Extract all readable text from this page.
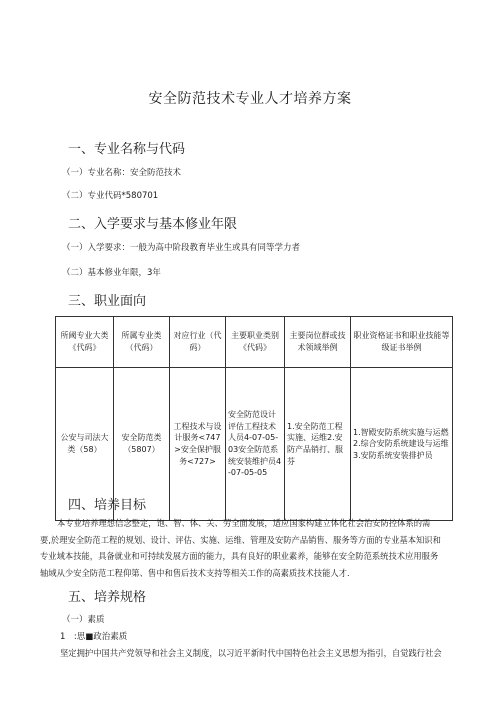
安全防范技术专业人才培养方案
一、专业名称与代码
（一）专业名称：安全防范技术
（二）专业代码*580701
二、入学要求与基本修业年限
（一）入学要求：一般为高中阶段教育毕业生或具有同等学力者
（二）基本修业年限，3年
三、职业面向
所阈专业大类《代码》	所属专业类（代码）	对应行业（代码）	主要职业类别《代码》	主要岗位群或技术领域举例	职业资格证书和职业技能等级证书举例
公安与司法大类（58）	安全防范类（5807）	工程技术与设计服务<747>安全保护服务<727>	安全防范设计评估工程技术人员4-07-05-03安全防范系统安装维护员4-07-05-05	1.安全防范工程实施、运维2.安防产品销打、服芬	1.智殿安防系统实施与运燃2.综合安防系统建设与运维3.安防系统安装排护员
四、培养目标
本专业培养理想信念整定，饱、智、体、关、劳全面发展，适应国家构建立体化社会治安防控体系的需
要,於理安全防范工程的规划、设计、评估、实施、运维、管理及安防产品销售、服务等方面的专业基本知识和
专业域本技能，具备就业和可持续发展方面的能力，具有良好的职业素养，能够在安全防范系统技术应用服务
轴域从少安全防范工程仰第、售中和售后技术支持等相关工作的高素质技术技能人才.
五、培养规格
（一）素质
1　:思■政治素质
坚定拥护中国共产党领导和社会主义制度，以习近平新时代中国特色社会主义思想为指引，自觉践行社会
